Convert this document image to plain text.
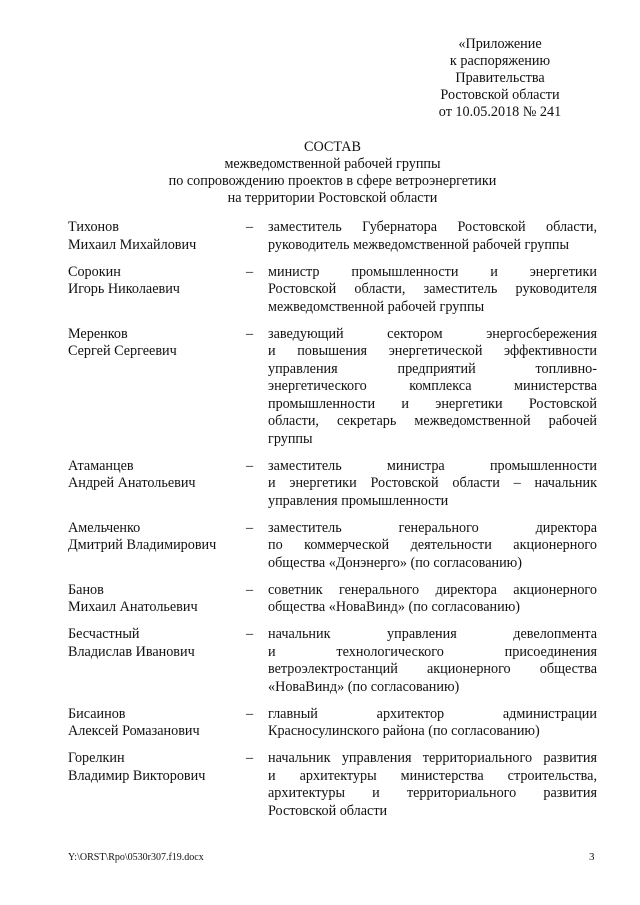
«Приложение
к распоряжению
Правительства
Ростовской области
от 10.05.2018 № 241
СОСТАВ
межведомственной рабочей группы
по сопровождению проектов в сфере ветроэнергетики
на территории Ростовской области
Тихонов
Михаил Михайлович
–	заместитель Губернатора Ростовской области,
руководитель межведомственной рабочей группы
Сорокин
Игорь Николаевич
–	министр промышленности и энергетики
Ростовской области, заместитель руководителя
межведомственной рабочей группы
Меренков
Сергей Сергеевич
–	заведующий сектором энергосбережения
и повышения энергетической эффективности
управления предприятий топливно-
энергетического комплекса министерства
промышленности и энергетики Ростовской
области, секретарь межведомственной рабочей
группы
Атаманцев
Андрей Анатольевич
–	заместитель министра промышленности
и энергетики Ростовской области – начальник
управления промышленности
Амельченко
Дмитрий Владимирович
–	заместитель генерального директора
по коммерческой деятельности акционерного
общества «Донэнерго» (по согласованию)
Банов
Михаил Анатольевич
–	советник генерального директора акционерного
общества «НоваВинд» (по согласованию)
Бесчастный
Владислав Иванович
–	начальник управления девелопмента
и технологического присоединения
ветроэлектростанций акционерного общества
«НоваВинд» (по согласованию)
Бисаинов
Алексей Ромазанович
–	главный архитектор администрации
Красносулинского района (по согласованию)
Горелкин
Владимир Викторович
–	начальник управления территориального развития
и архитектуры министерства строительства,
архитектуры и территориального развития
Ростовской области
Y:\ORST\Rpo\0530r307.f19.docx	3
